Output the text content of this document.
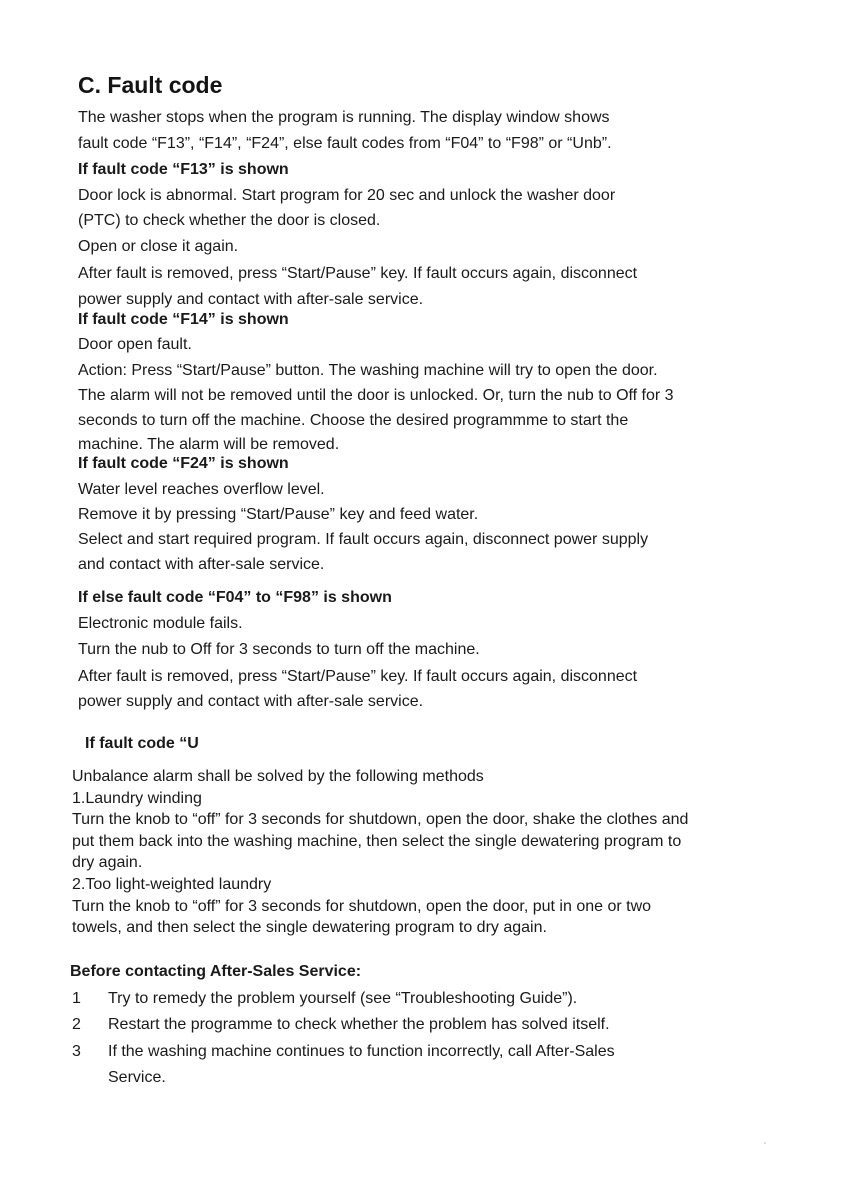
C. Fault code

The washer stops when the program is running. The display window shows

fault code “F13”, “F14”, “F24”, else fault codes from “F04” to “F98” or “Unb”.

If fault code “F13” is shown

Door lock is abnormal. Start program for 20 sec and unlock the washer door

(PTC) to check whether the door is closed.

Open or close it again.

After fault is removed, press “Start/Pause” key. If fault occurs again, disconnect

power supply and contact with after-sale service.

If fault code “F14” is shown

Door open fault.

Action: Press “Start/Pause” button. The washing machine will try to open the door.

The alarm will not be removed until the door is unlocked. Or, turn the nub to Off for 3

seconds to turn off the machine. Choose the desired programmme to start the

machine. The alarm will be removed.

If fault code “F24” is shown

Water level reaches overflow level.

Remove it by pressing “Start/Pause” key and feed water.

Select and start required program. If fault occurs again, disconnect power supply

and contact with after-sale service.

If else fault code “F04” to “F98” is shown

Electronic module fails.

Turn the nub to Off for 3 seconds to turn off the machine.

After fault is removed, press “Start/Pause” key. If fault occurs again, disconnect

power supply and contact with after-sale service.

If fault code “U

Unbalance alarm shall be solved by the following methods

1.Laundry winding

Turn the knob to “off” for 3 seconds for shutdown, open the door, shake the clothes and

put them back into the washing machine, then select the single dewatering program to

dry again.

2.Too light-weighted laundry

Turn the knob to “off” for 3 seconds for shutdown, open the door, put in one or two

towels, and then select the single dewatering program to dry again.

Before contacting After-Sales Service:

1 Try to remedy the problem yourself (see “Troubleshooting Guide”).

2 Restart the programme to check whether the problem has solved itself.

3 If the washing machine continues to function incorrectly, call After-Sales

Service.
